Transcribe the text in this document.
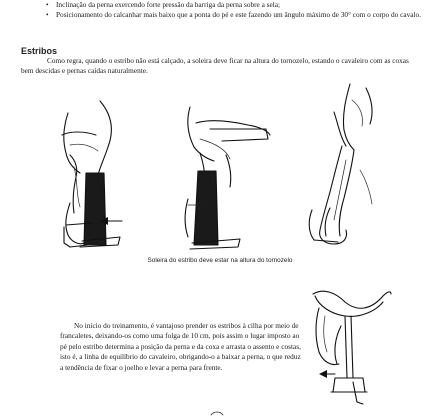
• Inclinação da perna exercendo forte pressão da barriga da perna sobre a sela;
• Posicionamento do calcanhar mais baixo que a ponta do pé e este fazendo um ângulo máximo de 30° com o corpo do cavalo.
Estribos
Como regra, quando o estribo não está calçado, a soleira deve ficar na altura do tornozelo, estando o cavaleiro com as coxas bem descidas e pernas caídas naturalmente.
Soleira do estribo deve estar na altura do tornozelo
No início do treinamento, é vantajoso prender os estribos à cilha por meio de francaletes, deixando-os como uma folga de 10 cm, pois assim o lugar imposto ao pé pelo estribo determina a posição da perna e da coxa e arrasta o assento e costas, isto é, a linha de equilíbrio do cavaleiro, obrigando-o a baixar a perna, o que reduz a tendência de fixar o joelho e levar a perna para frente.
